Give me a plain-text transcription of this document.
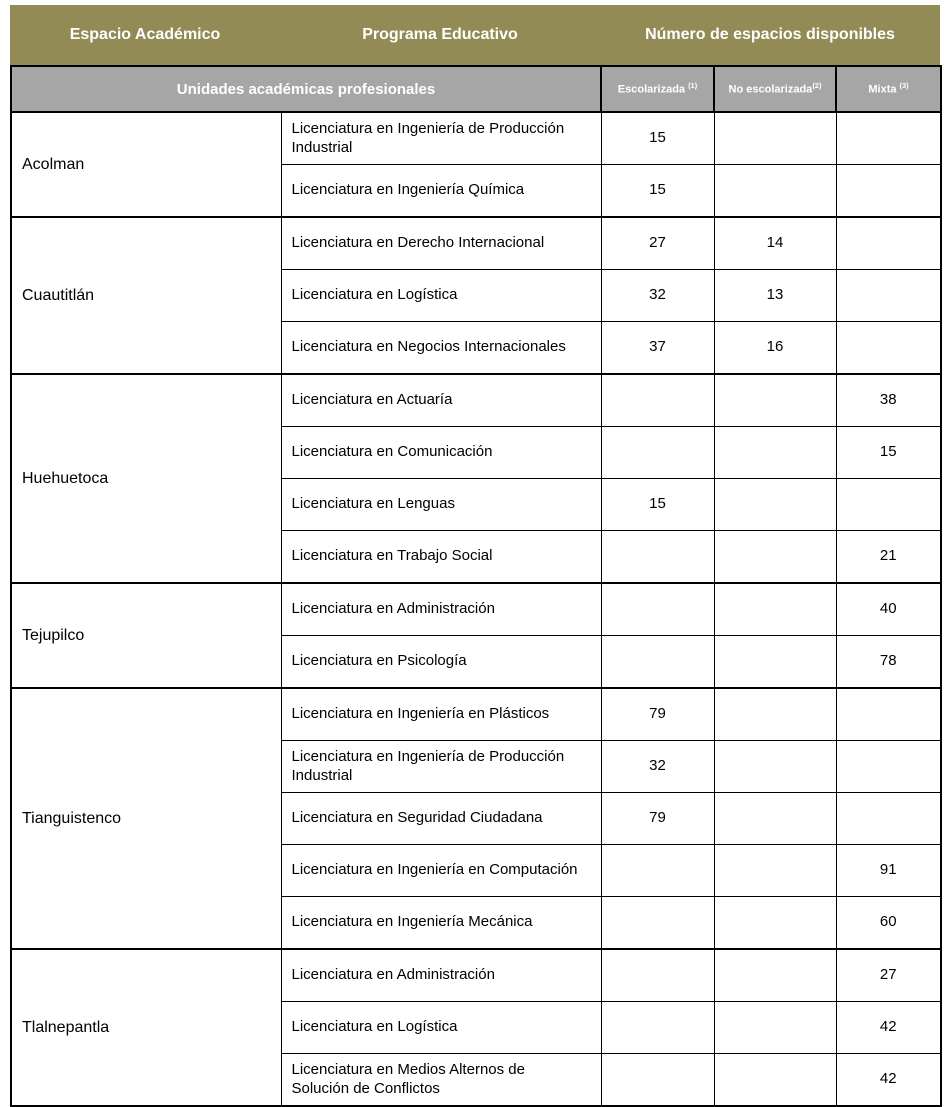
Espacio Académico	Programa Educativo	Número de espacios disponibles
Unidades académicas profesionales		Escolarizada $^{(1)}$	No escolarizada$^{(2)}$	Mixta $^{(3)}$
Acolman	Licenciatura en Ingeniería de Producción Industrial	15		
	Licenciatura en Ingeniería Química	15		
Cuautitlán	Licenciatura en Derecho Internacional	27	14	
	Licenciatura en Logística	32	13	
	Licenciatura en Negocios Internacionales	37	16	
Huehuetoca	Licenciatura en Actuaría			38
	Licenciatura en Comunicación			15
	Licenciatura en Lenguas	15		
	Licenciatura en Trabajo Social			21
Tejupilco	Licenciatura en Administración			40
	Licenciatura en Psicología			78
Tianguistenco	Licenciatura en Ingeniería en Plásticos	79		
	Licenciatura en Ingeniería de Producción Industrial	32		
	Licenciatura en Seguridad Ciudadana	79		
	Licenciatura en Ingeniería en Computación			91
	Licenciatura en Ingeniería Mecánica			60
Tlalnepantla	Licenciatura en Administración			27
	Licenciatura en Logística			42
	Licenciatura en Medios Alternos de Solución de Conflictos			42
